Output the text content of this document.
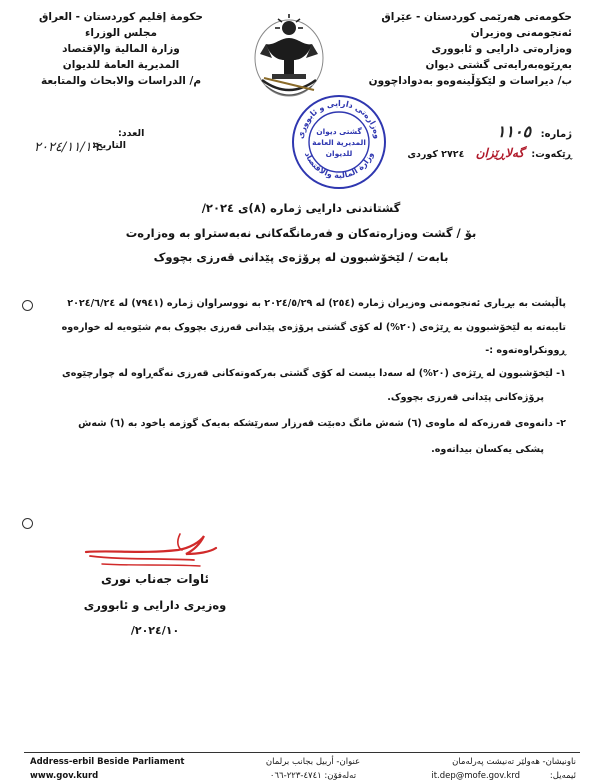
حکومەتی هەرێمی کوردستان - عێراق
ئەنجومەنی وەزیران
وەزارەتی دارایی و ئابووری
بەڕێوەبەرایەتی گشتی دیوان
ب/ دیراسات و لێکۆڵینەوەو بەدواداچوون
حكومة إقليم كوردستان - العراق
مجلس الوزراء
وزارة المالية والإقتصاد
المديرية العامة للديوان
م/ الدراسات والابحاث والمتابعة
وەزارەتی دارایی و ئابووری
وزارة المالية والاقتصاد
گشتی دیوان
المديرية العامة
للديوان
ژمارە: ١١٠٥
ڕێکەوت: گەلاڕێزان ٢٧٢٤ کوردی
العدد:
التاريخ:
٢٠٢٤/١١/١٩
گشتاندنی دارایی ژمارە (٨)ی ٢٠٢٤/
بۆ / گشت وەزارەتەکان و فەرمانگەکانی نەبەستراو بە وەزارەت
بابەت / لێخۆشبوون لە پرۆژەی پێدانی قەرزی بچووک
پاڵپشت بە بڕیاری ئەنجومەنی وەزیران ژمارە (٢٥٤) لە ٢٠٢٤/٥/٢٩ بە نووسراوان ژمارە (٧٩٤١) لە ٢٠٢٤/٦/٢٤
تایبەتە بە لێخۆشبوون بە ڕێژەی (٢٠%) لە کۆی گشتی پرۆژەی پێدانی قەرزی بچووک بەم شێوەیە لە خوارەوە
ڕوونکراوەتەوە :-
١- لێخۆشبوون لە ڕێژەی (٢٠%) لە سەدا بیست لە کۆی گشتی بەرکەوتەکانی قەرزی نەگەڕاوە لە چوارچێوەی
پرۆژەکانی پێدانی قەرزی بچووک.
٢- دانەوەی قەرزەکە لە ماوەی (٦) شەش مانگ دەبێت قەرزار سەرێشکە بەیەک گوژمە یاخود بە (٦) شەش
پشکی یەکسان بیداتەوە.
ئاوات جەناب نوری
وەزیری دارایی و ئابووری
٢٠٢٤/١٠/
Address-erbil Beside Parliament
www.gov.kurd
عنوان- أربيل بجانب برلمان
تەلەفۆن: ٤٧٤١-٢٢٣-٠٦٦
ناونیشان- هەولێر تەنیشت پەرلەمان
ئیمەیل:
it.dep@mofe.gov.krd
